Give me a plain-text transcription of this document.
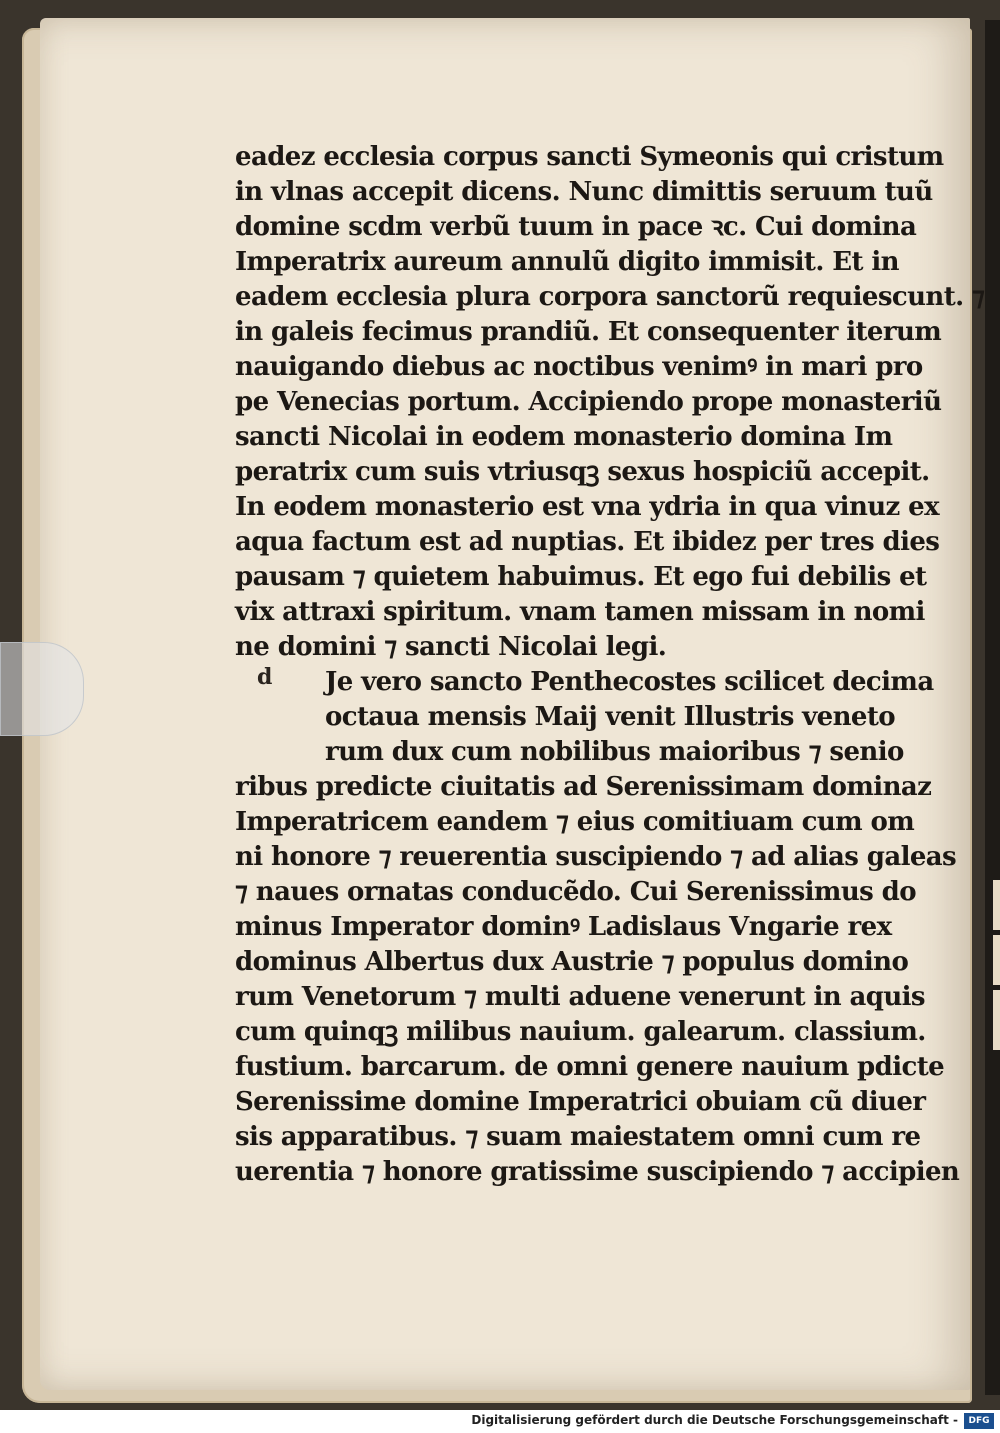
d
eadez ecclesia corpus sancti Symeonis qui cristum
in vlnas accepit dicens. Nunc dimittis seruum tuũ
domine scdm verbũ tuum in pace ꝛc. Cui domina
Imperatrix aureum annulũ digito immisit. Et in
eadem ecclesia plura corpora sanctorũ requiescunt. ⁊
in galeis fecimus prandiũ. Et consequenter iterum
nauigando diebus ac noctibus venimꝰ in mari pro
pe Venecias portum. Accipiendo prope monasteriũ
sancti Nicolai in eodem monasterio domina Im
peratrix cum suis vtriusqꝫ sexus hospiciũ accepit.
In eodem monasterio est vna ydria in qua vinuz ex
aqua factum est ad nuptias. Et ibidez per tres dies
pausam ⁊ quietem habuimus. Et ego fui debilis et
vix attraxi spiritum. vnam tamen missam in nomi
ne domini ⁊ sancti Nicolai legi.
Je vero sancto Penthecostes scilicet decima
octaua mensis Maij venit Illustris veneto
rum dux cum nobilibus maioribus ⁊ senio
ribus predicte ciuitatis ad Serenissimam dominaz
Imperatricem eandem ⁊ eius comitiuam cum om
ni honore ⁊ reuerentia suscipiendo ⁊ ad alias galeas
⁊ naues ornatas conducẽdo. Cui Serenissimus do
minus Imperator dominꝰ Ladislaus Vngarie rex
dominus Albertus dux Austrie ⁊ populus domino
rum Venetorum ⁊ multi aduene venerunt in aquis
cum quinqꝫ milibus nauium. galearum. classium.
fustium. barcarum. de omni genere nauium pdicte
Serenissime domine Imperatrici obuiam cũ diuer
sis apparatibus. ⁊ suam maiestatem omni cum re
uerentia ⁊ honore gratissime suscipiendo ⁊ accipien
Digitalisierung gefördert durch die Deutsche Forschungsgemeinschaft -	DFG
